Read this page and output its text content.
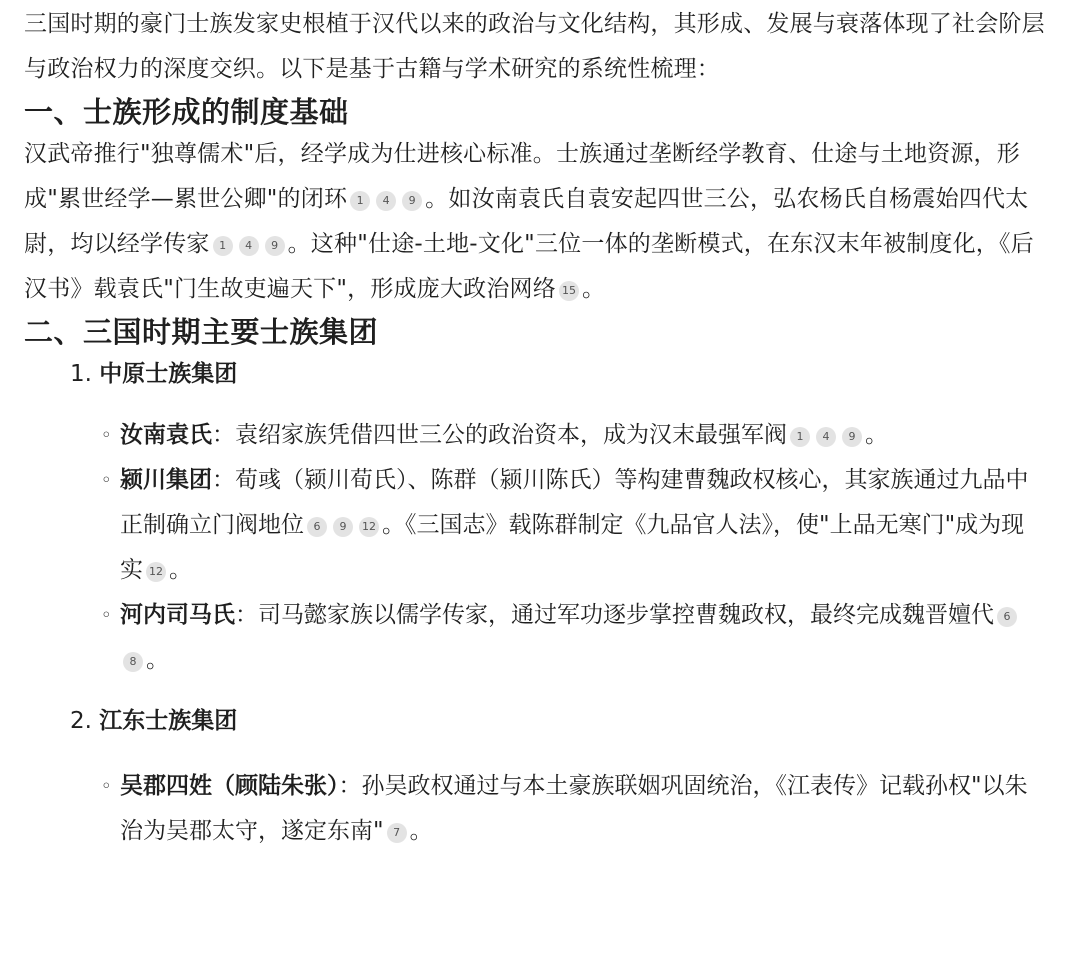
三国时期的豪门士族发家史根植于汉代以来的政治与文化结构，其形成、发展与衰落体现了社会阶层与政治权力的深度交织。以下是基于古籍与学术研究的系统性梳理：

一、士族形成的制度基础

汉武帝推行"独尊儒术"后，经学成为仕进核心标准。士族通过垄断经学教育、仕途与土地资源，形成"累世经学—累世公卿"的闭环 1 4 9 。如汝南袁氏自袁安起四世三公，弘农杨氏自杨震始四代太尉，均以经学传家 1 4 9 。这种"仕途-土地-文化"三位一体的垄断模式，在东汉末年被制度化，《后汉书》载袁氏"门生故吏遍天下"，形成庞大政治网络 15 。

二、三国时期主要士族集团
1. 中原士族集团
◦ 汝南袁氏：袁绍家族凭借四世三公的政治资本，成为汉末最强军阀 1 4 9 。
◦ 颍川集团：荀彧（颍川荀氏）、陈群（颍川陈氏）等构建曹魏政权核心，其家族通过九品中正制确立门阀地位 6 9 12 。《三国志》载陈群制定《九品官人法》，使"上品无寒门"成为现实 12 。
◦ 河内司马氏：司马懿家族以儒学传家，通过军功逐步掌控曹魏政权，最终完成魏晋嬗代 68 。
2. 江东士族集团
◦ 吴郡四姓（顾陆朱张）：孙吴政权通过与本土豪族联姻巩固统治，《江表传》记载孙权"以朱治为吴郡太守，遂定东南" 7 。
